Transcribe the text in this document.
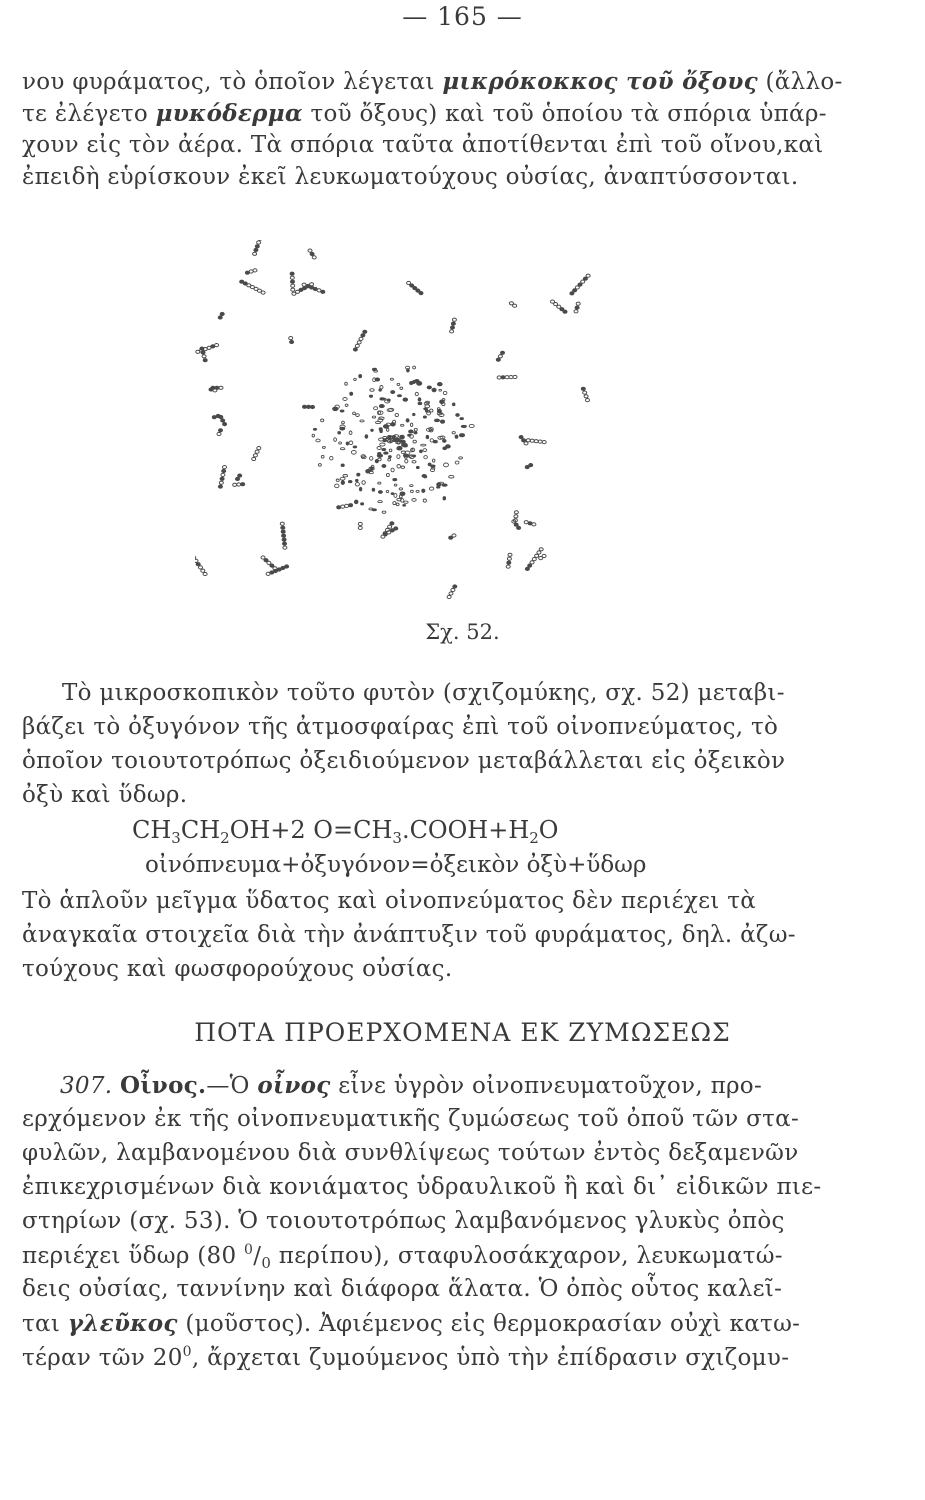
— 165 —
νου φυράματος, τὸ ὁποῖον λέγεται μικρόκοκκος τοῦ ὄξους (ἄλλο-
τε ἐλέγετο μυκόδερμα τοῦ ὄξους) καὶ τοῦ ὁποίου τὰ σπόρια ὑπάρ-
χουν εἰς τὸν ἀέρα. Τὰ σπόρια ταῦτα ἀποτίθενται ἐπὶ τοῦ οἴνου,καὶ
ἐπειδὴ εὑρίσκουν ἐκεῖ λευκωματούχους οὐσίας, ἀναπτύσσονται.
Σχ. 52.
Τὸ μικροσκοπικὸν τοῦτο φυτὸν (σχιζομύκης, σχ. 52) μεταβι-
βάζει τὸ ὀξυγόνον τῆς ἀτμοσφαίρας ἐπὶ τοῦ οἰνοπνεύματος, τὸ
ὁποῖον τοιουτοτρόπως ὀξειδιούμενον μεταβάλλεται εἰς ὀξεικὸν
ὀξὺ καὶ ὕδωρ.
$CH_3CH_2OH+2$ $O=CH_3.COOH+H_2O$
οἰνόπνευμα+ὀξυγόνον=ὀξεικὸν ὀξὺ+ὕδωρ
Τὸ ἁπλοῦν μεῖγμα ὕδατος καὶ οἰνοπνεύματος δὲν περιέχει τὰ
ἀναγκαῖα στοιχεῖα διὰ τὴν ἀνάπτυξιν τοῦ φυράματος, δηλ. ἀζω-
τούχους καὶ φωσφορούχους οὐσίας.
ΠΟΤΑ ΠΡΟΕΡΧΟΜΕΝΑ ΕΚ ΖΥΜΩΣΕΩΣ
307. Οἶνος.—Ὁ οἶνος εἶνε ὑγρὸν οἰνοπνευματοῦχον, προ-
ερχόμενον ἐκ τῆς οἰνοπνευματικῆς ζυμώσεως τοῦ ὀποῦ τῶν στα-
φυλῶν, λαμβανομένου διὰ συνθλίψεως τούτων ἐντὸς δεξαμενῶν
ἐπικεχρισμένων διὰ κονιάματος ὑδραυλικοῦ ἢ καὶ δι᾽ εἰδικῶν πιε-
στηρίων (σχ. 53). Ὁ τοιουτοτρόπως λαμβανόμενος γλυκὺς ὀπὸς
περιέχει ὕδωρ (80 $^0/_0$ περίπου), σταφυλοσάκχαρον, λευκωματώ-
δεις οὐσίας, ταννίνην καὶ διάφορα ἅλατα. Ὁ ὀπὸς οὗτος καλεῖ-
ται γλεῦκος (μοῦστος). Ἀφιέμενος εἰς θερμοκρασίαν οὐχὶ κατω-
τέραν τῶν $20^0$, ἄρχεται ζυμούμενος ὑπὸ τὴν ἐπίδρασιν σχιζομυ-
